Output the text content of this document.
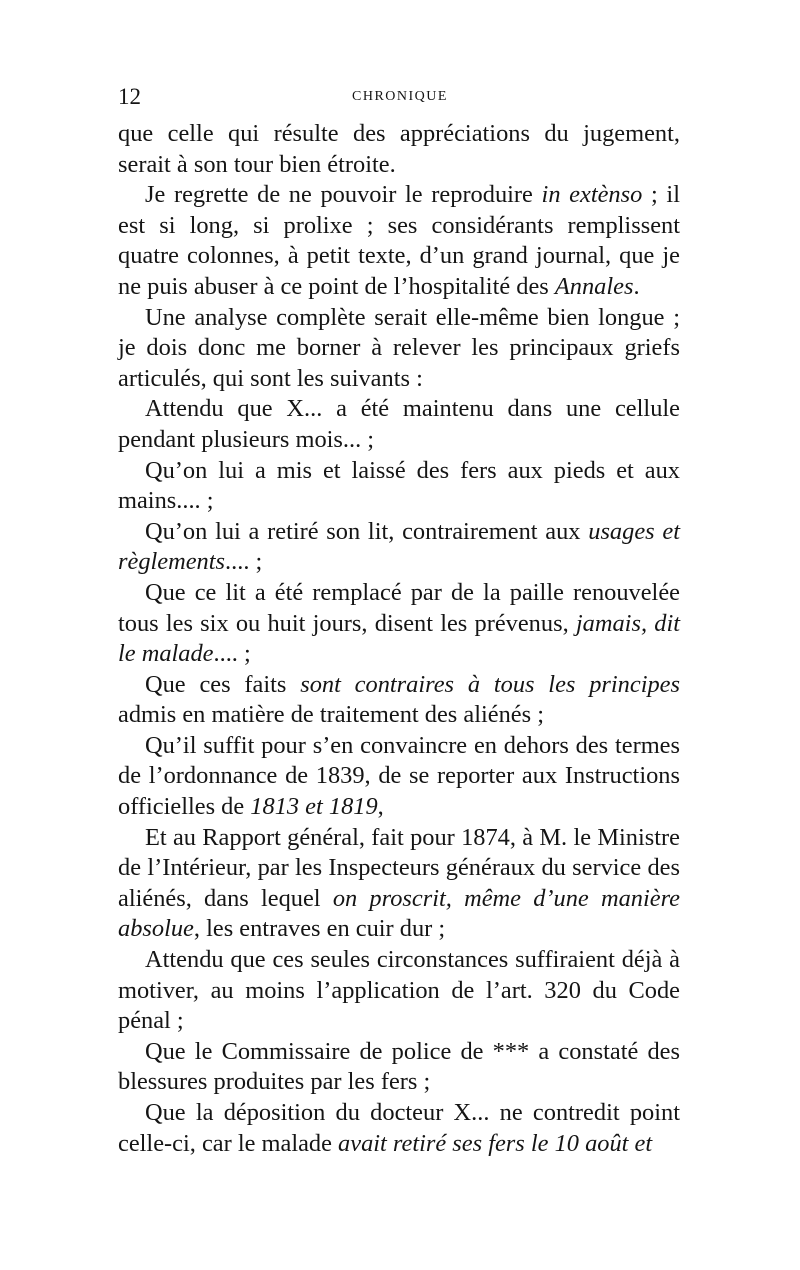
12	CHRONIQUE

que celle qui résulte des appréciations du jugement, serait à son tour bien étroite.

Je regrette de ne pouvoir le reproduire in extènso ; il est si long, si prolixe ; ses considérants remplissent quatre colonnes, à petit texte, d’un grand journal, que je ne puis abuser à ce point de l’hospitalité des Annales.

Une analyse complète serait elle-même bien longue ; je dois donc me borner à relever les principaux griefs articulés, qui sont les suivants :

Attendu que X... a été maintenu dans une cellule pendant plusieurs mois... ;

Qu’on lui a mis et laissé des fers aux pieds et aux mains.... ;

Qu’on lui a retiré son lit, contrairement aux usages et règlements.... ;

Que ce lit a été remplacé par de la paille renouvelée tous les six ou huit jours, disent les prévenus, jamais, dit le malade.... ;

Que ces faits sont contraires à tous les principes admis en matière de traitement des aliénés ;

Qu’il suffit pour s’en convaincre en dehors des termes de l’ordonnance de 1839, de se reporter aux Instructions officielles de 1813 et 1819,

Et au Rapport général, fait pour 1874, à M. le Ministre de l’Intérieur, par les Inspecteurs généraux du service des aliénés, dans lequel on proscrit, même d’une manière absolue, les entraves en cuir dur ;

Attendu que ces seules circonstances suffiraient déjà à motiver, au moins l’application de l’art. 320 du Code pénal ;

Que le Commissaire de police de *** a constaté des blessures produites par les fers ;

Que la déposition du docteur X... ne contredit point celle-ci, car le malade avait retiré ses fers le 10 août et
